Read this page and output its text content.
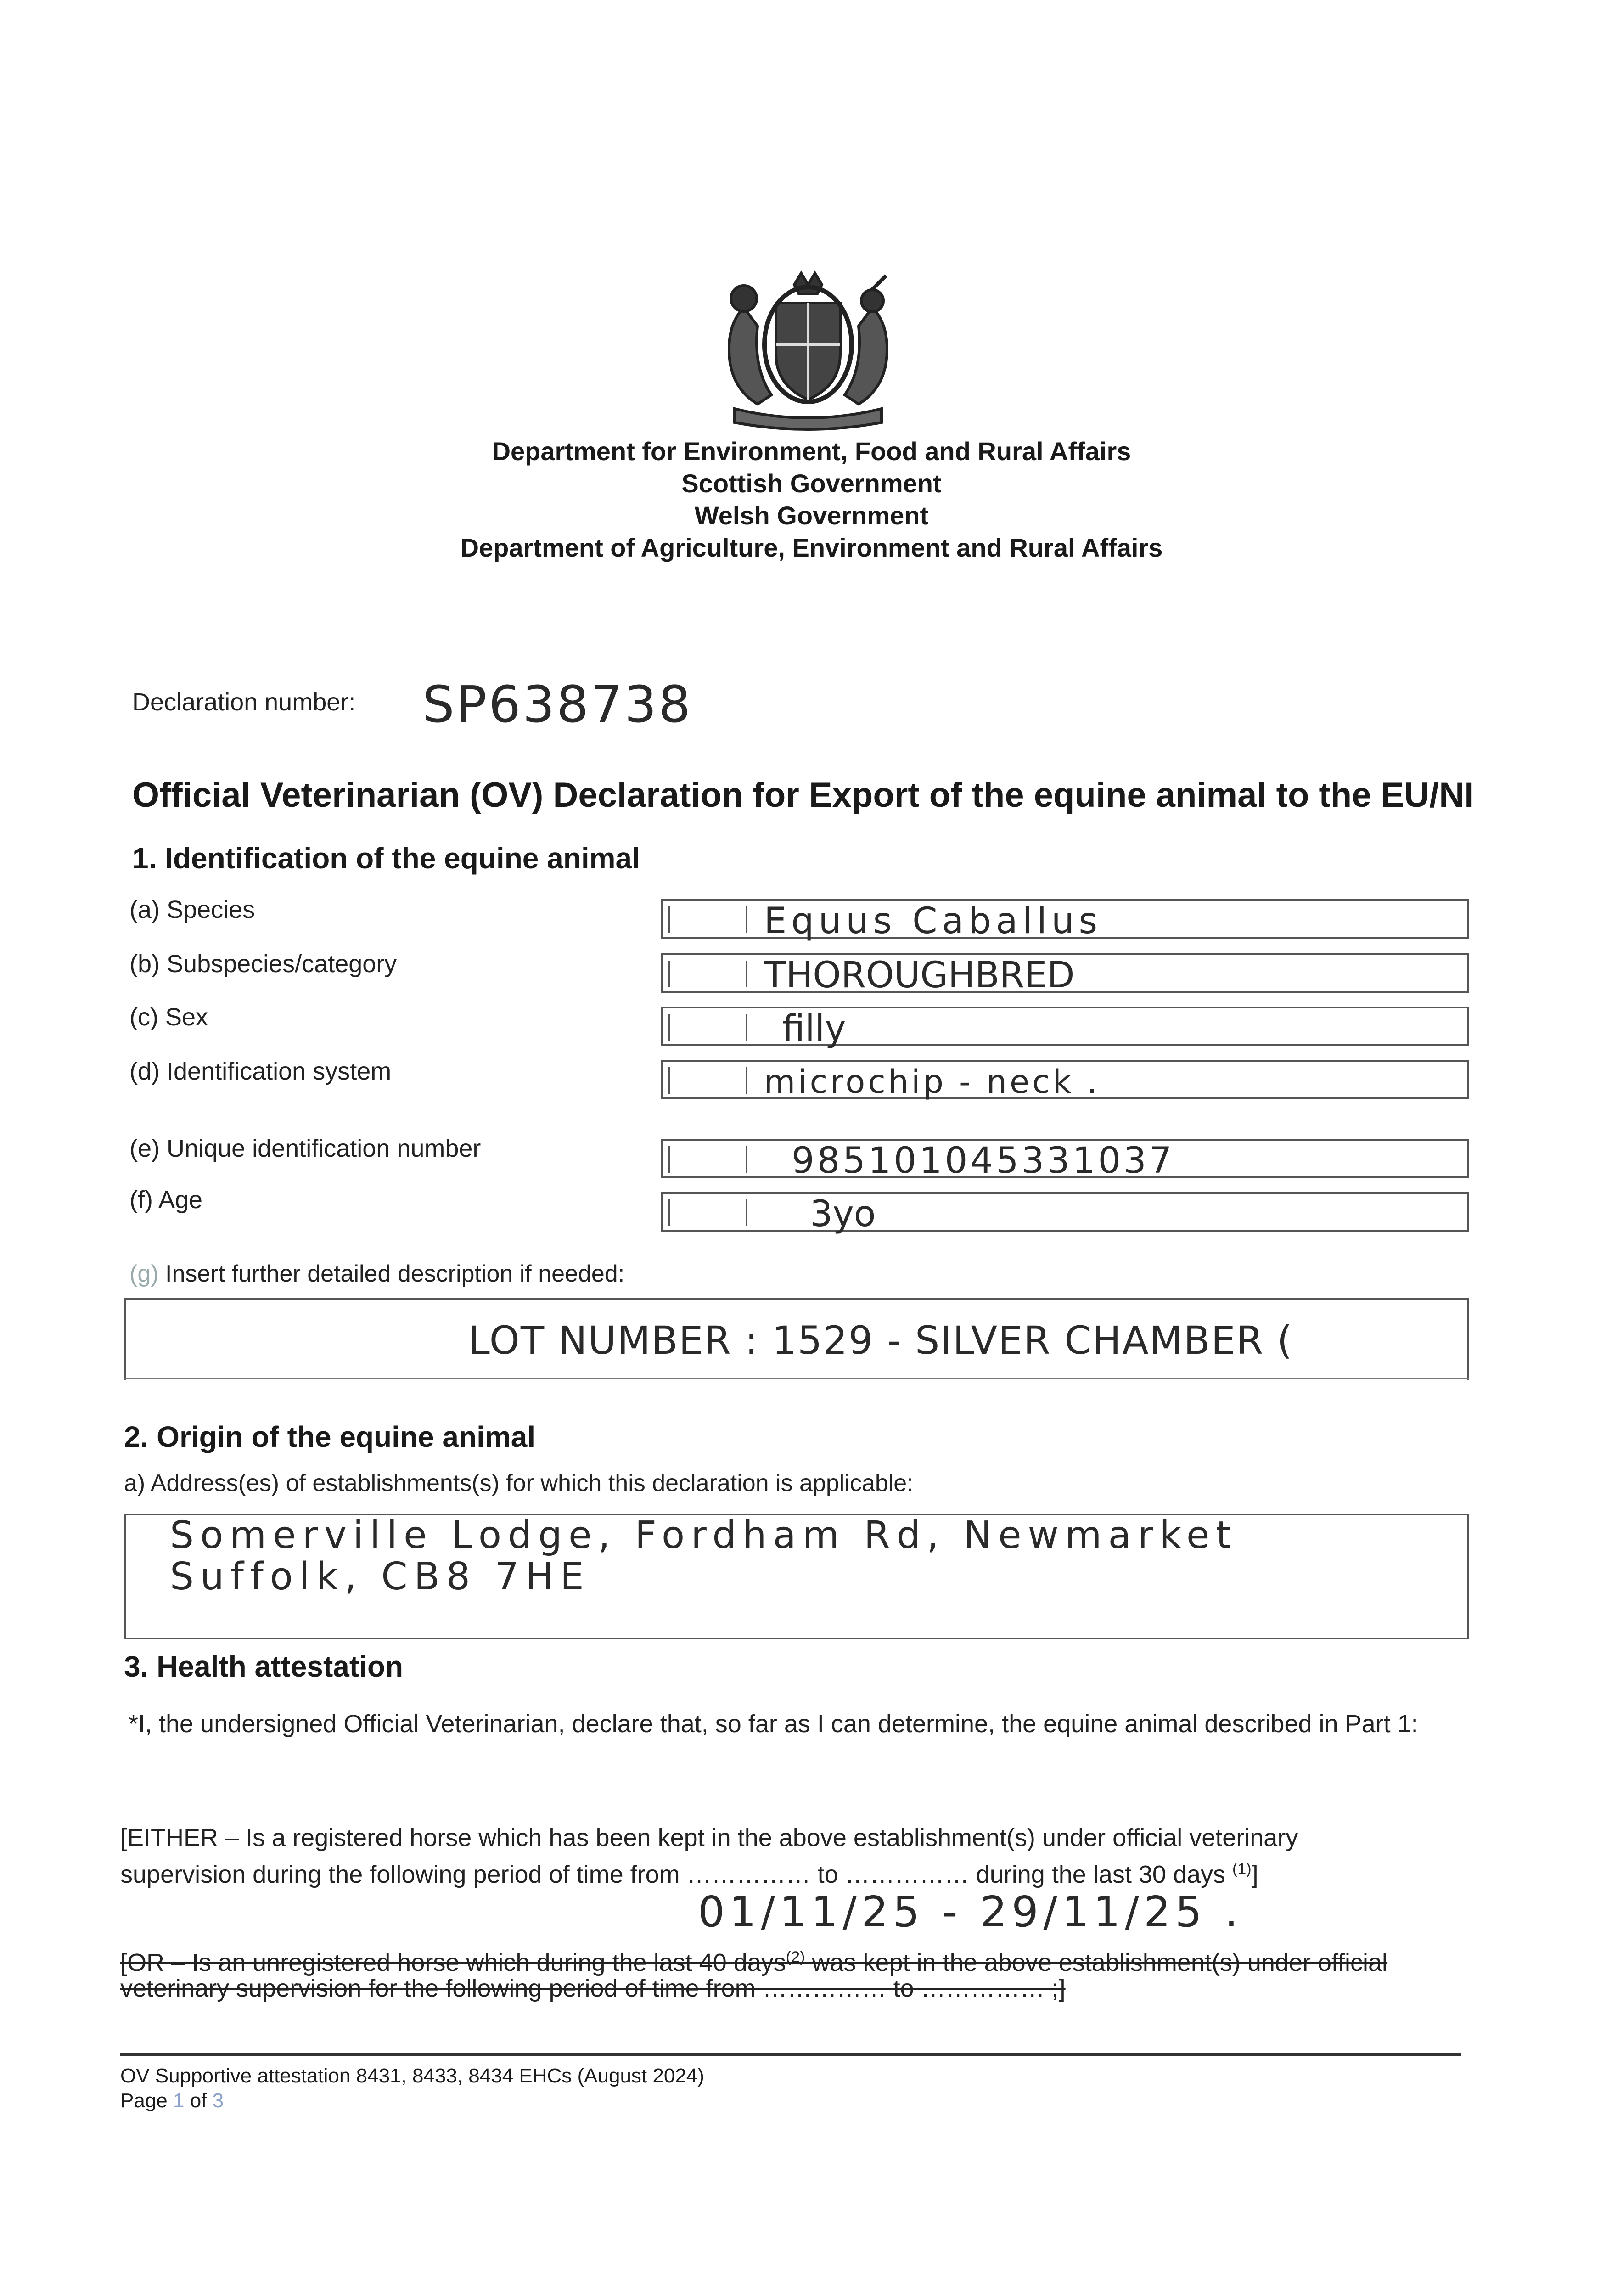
Department for Environment, Food and Rural Affairs
Scottish Government
Welsh Government
Department of Agriculture, Environment and Rural Affairs
Declaration number: SP638738
Official Veterinarian (OV) Declaration for Export of the equine animal to the EU/NI
1. Identification of the equine animal
(a) Species	Equus Caballus
(b) Subspecies/category	THOROUGHBRED
(c) Sex	filly
(d) Identification system	microchip - neck .
(e) Unique identification number	985101045331037
(f) Age	3yo
(g) Insert further detailed description if needed:
LOT NUMBER : 1529 - SILVER CHAMBER (
2. Origin of the equine animal
a) Address(es) of establishments(s) for which this declaration is applicable:
Somerville Lodge, Fordham Rd, Newmarket
Suffolk, CB8 7HE
3. Health attestation
*I, the undersigned Official Veterinarian, declare that, so far as I can determine, the equine animal described in Part 1:
[EITHER – Is a registered horse which has been kept in the above establishment(s) under official veterinary
supervision during the following period of time from …………… to …………… during the last 30 days $^{(1)}$]
01/11/25 - 29/11/25 .
[OR – Is an unregistered horse which during the last 40 days$^{(2)}$ was kept in the above establishment(s) under official
veterinary supervision for the following period of time from …………… to …………… ;]
OV Supportive attestation 8431, 8433, 8434 EHCs (August 2024)
Page 1 of 3
